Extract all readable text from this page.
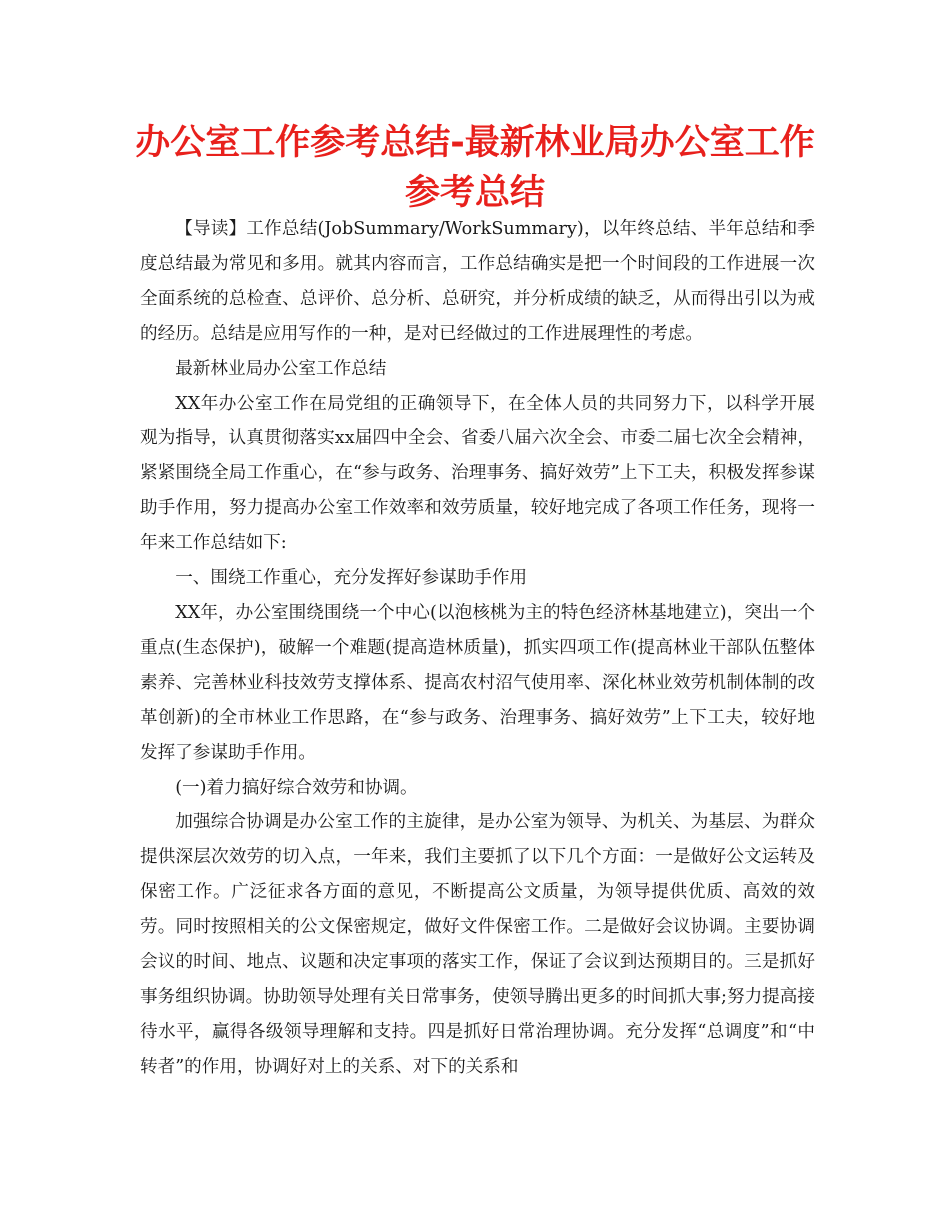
办公室工作参考总结-最新林业局办公室工作参考总结

【导读】工作总结(JobSummary/WorkSummary)，以年终总结、半年总结和季度总结最为常见和多用。就其内容而言，工作总结确实是把一个时间段的工作进展一次全面系统的总检查、总评价、总分析、总研究，并分析成绩的缺乏，从而得出引以为戒的经历。总结是应用写作的一种，是对已经做过的工作进展理性的考虑。

最新林业局办公室工作总结

XX年办公室工作在局党组的正确领导下，在全体人员的共同努力下，以科学开展观为指导，认真贯彻落实xx届四中全会、省委八届六次全会、市委二届七次全会精神，紧紧围绕全局工作重心，在“参与政务、治理事务、搞好效劳”上下工夫，积极发挥参谋助手作用，努力提高办公室工作效率和效劳质量，较好地完成了各项工作任务，现将一年来工作总结如下:

一、围绕工作重心，充分发挥好参谋助手作用

XX年，办公室围绕围绕一个中心(以泡核桃为主的特色经济林基地建立)，突出一个重点(生态保护)，破解一个难题(提高造林质量)，抓实四项工作(提高林业干部队伍整体素养、完善林业科技效劳支撑体系、提高农村沼气使用率、深化林业效劳机制体制的改革创新)的全市林业工作思路，在“参与政务、治理事务、搞好效劳”上下工夫，较好地发挥了参谋助手作用。

(一)着力搞好综合效劳和协调。

加强综合协调是办公室工作的主旋律，是办公室为领导、为机关、为基层、为群众提供深层次效劳的切入点，一年来，我们主要抓了以下几个方面：一是做好公文运转及保密工作。广泛征求各方面的意见，不断提高公文质量，为领导提供优质、高效的效劳。同时按照相关的公文保密规定，做好文件保密工作。二是做好会议协调。主要协调会议的时间、地点、议题和决定事项的落实工作，保证了会议到达预期目的。三是抓好事务组织协调。协助领导处理有关日常事务，使领导腾出更多的时间抓大事;努力提高接待水平，赢得各级领导理解和支持。四是抓好日常治理协调。充分发挥“总调度”和“中转者”的作用，协调好对上的关系、对下的关系和
